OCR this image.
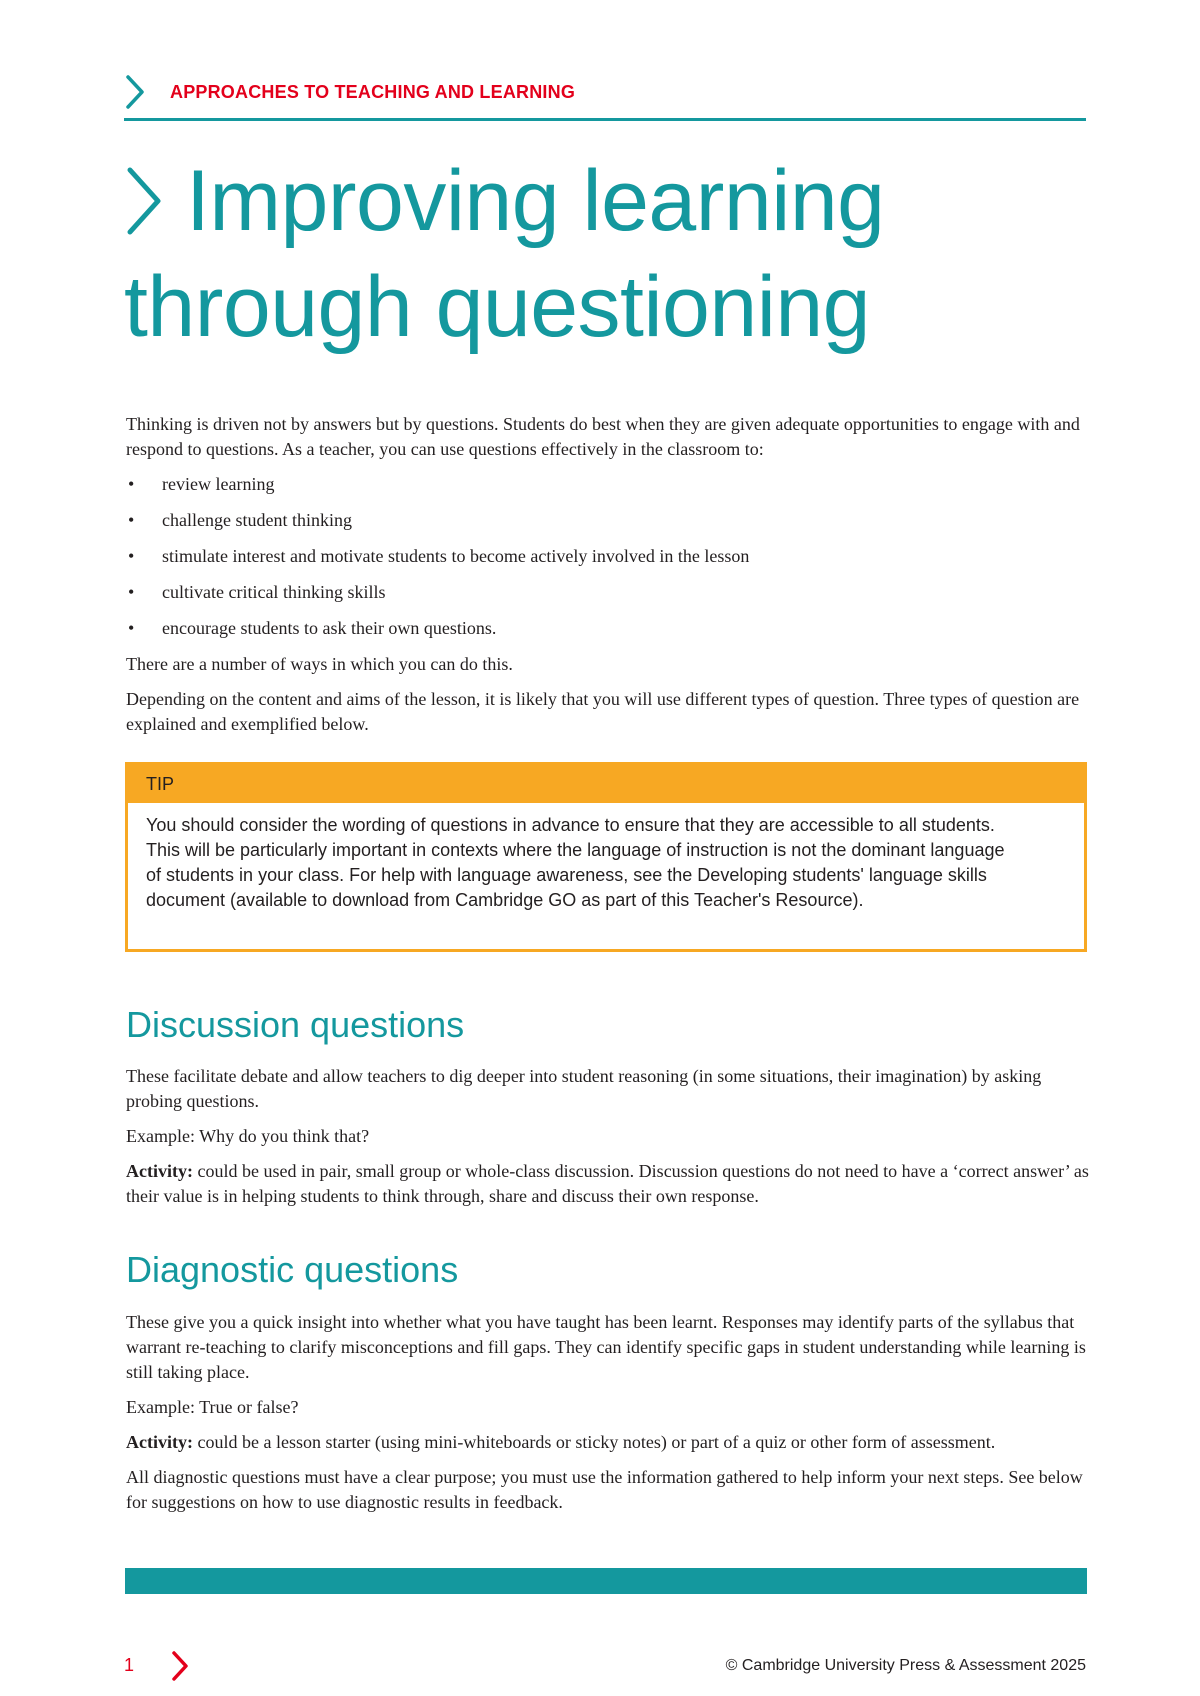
APPROACHES TO TEACHING AND LEARNING
Improving learning
through questioning

Thinking is driven not by answers but by questions. Students do best when they are given adequate opportunities to engage with and respond to questions. As a teacher, you can use questions effectively in the classroom to:

• review learning
• challenge student thinking
• stimulate interest and motivate students to become actively involved in the lesson
• cultivate critical thinking skills
• encourage students to ask their own questions.

There are a number of ways in which you can do this.

Depending on the content and aims of the lesson, it is likely that you will use different types of question. Three types of question are explained and exemplified below.

TIP
You should consider the wording of questions in advance to ensure that they are accessible to all students. This will be particularly important in contexts where the language of instruction is not the dominant language of students in your class. For help with language awareness, see the Developing students' language skills document (available to download from Cambridge GO as part of this Teacher's Resource).
Discussion questions

These facilitate debate and allow teachers to dig deeper into student reasoning (in some situations, their imagination) by asking probing questions.

Example: Why do you think that?

Activity: could be used in pair, small group or whole-class discussion. Discussion questions do not need to have a ‘correct answer’ as their value is in helping students to think through, share and discuss their own response.

Diagnostic questions

These give you a quick insight into whether what you have taught has been learnt. Responses may identify parts of the syllabus that warrant re-teaching to clarify misconceptions and fill gaps. They can identify specific gaps in student understanding while learning is still taking place.

Example: True or false?

Activity: could be a lesson starter (using mini-whiteboards or sticky notes) or part of a quiz or other form of assessment.

All diagnostic questions must have a clear purpose; you must use the information gathered to help inform your next steps. See below for suggestions on how to use diagnostic results in feedback.

1	© Cambridge University Press & Assessment 2025
